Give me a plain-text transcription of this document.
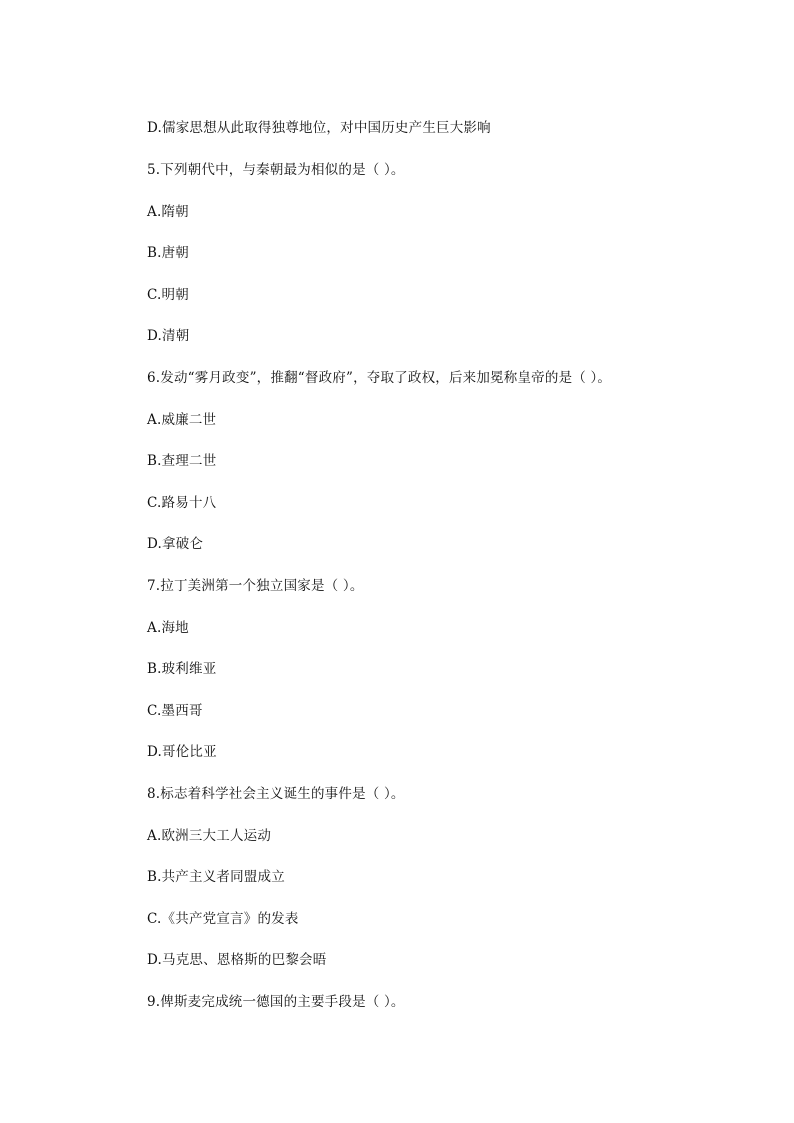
D.儒家思想从此取得独尊地位，对中国历史产生巨大影响
5.下列朝代中，与秦朝最为相似的是（ ）。
A.隋朝
B.唐朝
C.明朝
D.清朝
6.发动“雾月政变”，推翻“督政府”，夺取了政权，后来加冕称皇帝的是（ ）。
A.威廉二世
B.查理二世
C.路易十八
D.拿破仑
7.拉丁美洲第一个独立国家是（ ）。
A.海地
B.玻利维亚
C.墨西哥
D.哥伦比亚
8.标志着科学社会主义诞生的事件是（ ）。
A.欧洲三大工人运动
B.共产主义者同盟成立
C.《共产党宣言》的发表
D.马克思、恩格斯的巴黎会晤
9.俾斯麦完成统一德国的主要手段是（ ）。
